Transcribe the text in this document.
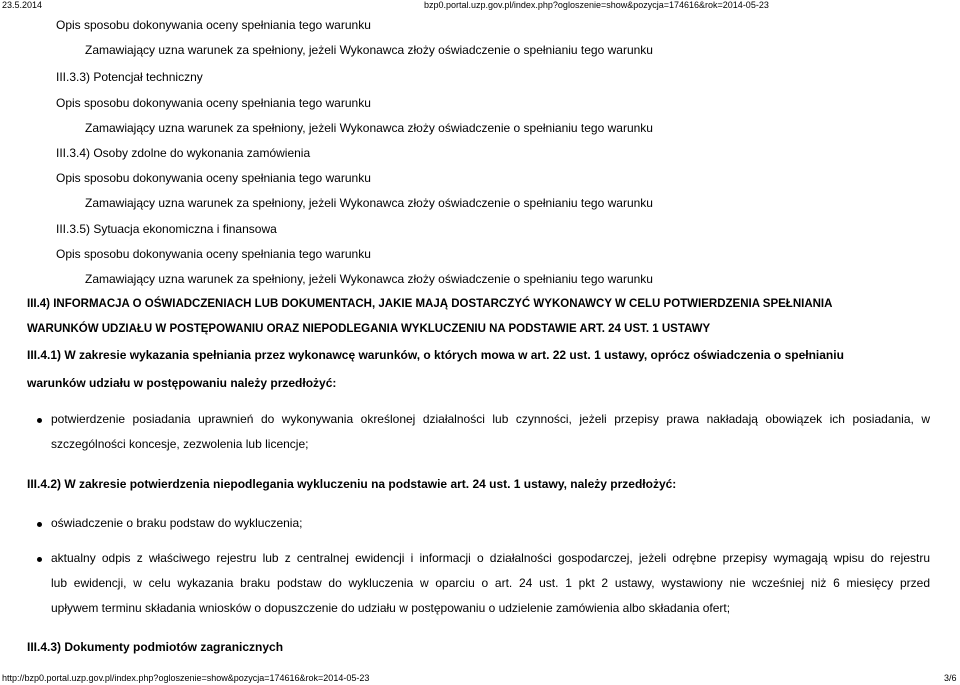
23.5.2014	bzp0.portal.uzp.gov.pl/index.php?ogloszenie=show&pozycja=174616&rok=2014-05-23
Opis sposobu dokonywania oceny spełniania tego warunku
Zamawiający uzna warunek za spełniony, jeżeli Wykonawca złoży oświadczenie o spełnianiu tego warunku
III.3.3) Potencjał techniczny
Opis sposobu dokonywania oceny spełniania tego warunku
Zamawiający uzna warunek za spełniony, jeżeli Wykonawca złoży oświadczenie o spełnianiu tego warunku
III.3.4) Osoby zdolne do wykonania zamówienia
Opis sposobu dokonywania oceny spełniania tego warunku
Zamawiający uzna warunek za spełniony, jeżeli Wykonawca złoży oświadczenie o spełnianiu tego warunku
III.3.5) Sytuacja ekonomiczna i finansowa
Opis sposobu dokonywania oceny spełniania tego warunku
Zamawiający uzna warunek za spełniony, jeżeli Wykonawca złoży oświadczenie o spełnianiu tego warunku
III.4) INFORMACJA O OŚWIADCZENIACH LUB DOKUMENTACH, JAKIE MAJĄ DOSTARCZYĆ WYKONAWCY W CELU POTWIERDZENIA SPEŁNIANIA
WARUNKÓW UDZIAŁU W POSTĘPOWANIU ORAZ NIEPODLEGANIA WYKLUCZENIU NA PODSTAWIE ART. 24 UST. 1 USTAWY
III.4.1) W zakresie wykazania spełniania przez wykonawcę warunków, o których mowa w art. 22 ust. 1 ustawy, oprócz oświadczenia o spełnianiu
warunków udziału w postępowaniu należy przedłożyć:
potwierdzenie posiadania uprawnień do wykonywania określonej działalności lub czynności, jeżeli przepisy prawa nakładają obowiązek ich posiadania, w
szczególności koncesje, zezwolenia lub licencje;
III.4.2) W zakresie potwierdzenia niepodlegania wykluczeniu na podstawie art. 24 ust. 1 ustawy, należy przedłożyć:
oświadczenie o braku podstaw do wykluczenia;
aktualny odpis z właściwego rejestru lub z centralnej ewidencji i informacji o działalności gospodarczej, jeżeli odrębne przepisy wymagają wpisu do rejestru
lub ewidencji, w celu wykazania braku podstaw do wykluczenia w oparciu o art. 24 ust. 1 pkt 2 ustawy, wystawiony nie wcześniej niż 6 miesięcy przed
upływem terminu składania wniosków o dopuszczenie do udziału w postępowaniu o udzielenie zamówienia albo składania ofert;
III.4.3) Dokumenty podmiotów zagranicznych
http://bzp0.portal.uzp.gov.pl/index.php?ogloszenie=show&pozycja=174616&rok=2014-05-23	3/6
